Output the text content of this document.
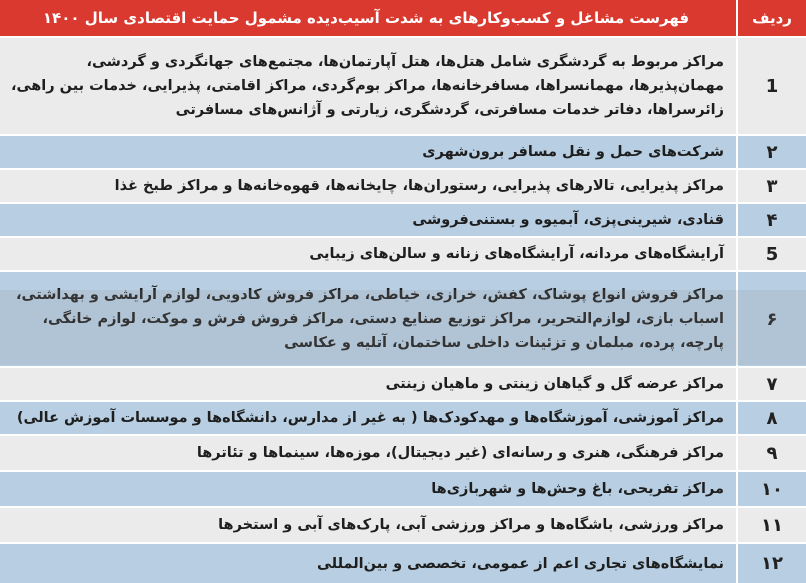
ردیف
فهرست مشاغل و کسب‌وکارهای به شدت آسیب‌دیده مشمول حمایت اقتصادی سال ۱۴۰۰
1
مراکز مربوط به گردشگری شامل هتل‌ها، هتل آپارتمان‌ها، مجتمع‌های جهانگردی و گردشی، مهمان‌پذیرها، مهمانسراها، مسافرخانه‌ها، مراکز بوم‌گردی، مراکز اقامتی، پذیرایی، خدمات بین راهی، زائرسراها، دفاتر خدمات مسافرتی، گردشگری، زیارتی و آژانس‌های مسافرتی
۲
شرکت‌های حمل و نقل مسافر برون‌شهری
۳
مراکز پذیرایی، تالارهای پذیرایی، رستوران‌ها، چایخانه‌ها، قهوه‌خانه‌ها و مراکز طبخ غذا
۴
قنادی، شیرینی‌پزی، آبمیوه و بستنی‌فروشی
5
آرایشگاه‌های مردانه، آرایشگاه‌های زنانه و سالن‌های زیبایی
۶
مراکز فروش انواع پوشاک، کفش، خرازی، خیاطی، مراکز فروش کادویی، لوازم آرایشی و بهداشتی، اسباب بازی، لوازم‌التحریر، مراکز توزیع صنایع دستی، مراکز فروش فرش و موکت، لوازم خانگی، پارچه، پرده، مبلمان و تزئینات داخلی ساختمان، آتلیه و عکاسی
۷
مراکز عرضه گل و گیاهان زینتی و ماهیان زینتی
۸
مراکز آموزشی، آموزشگاه‌ها و مهدکودک‌ها ( به غیر از مدارس، دانشگاه‌ها و موسسات آموزش عالی)
۹
مراکز فرهنگی، هنری و رسانه‌ای (غیر دیجیتال)، موزه‌ها، سینماها و تئاترها
۱۰
مراکز تفریحی، باغ وحش‌ها و شهربازی‌ها
۱۱
مراکز ورزشی، باشگاه‌ها و مراکز ورزشی آبی، پارک‌های آبی و استخرها
۱۲
نمایشگاه‌های تجاری اعم از عمومی، تخصصی و بین‌المللی
